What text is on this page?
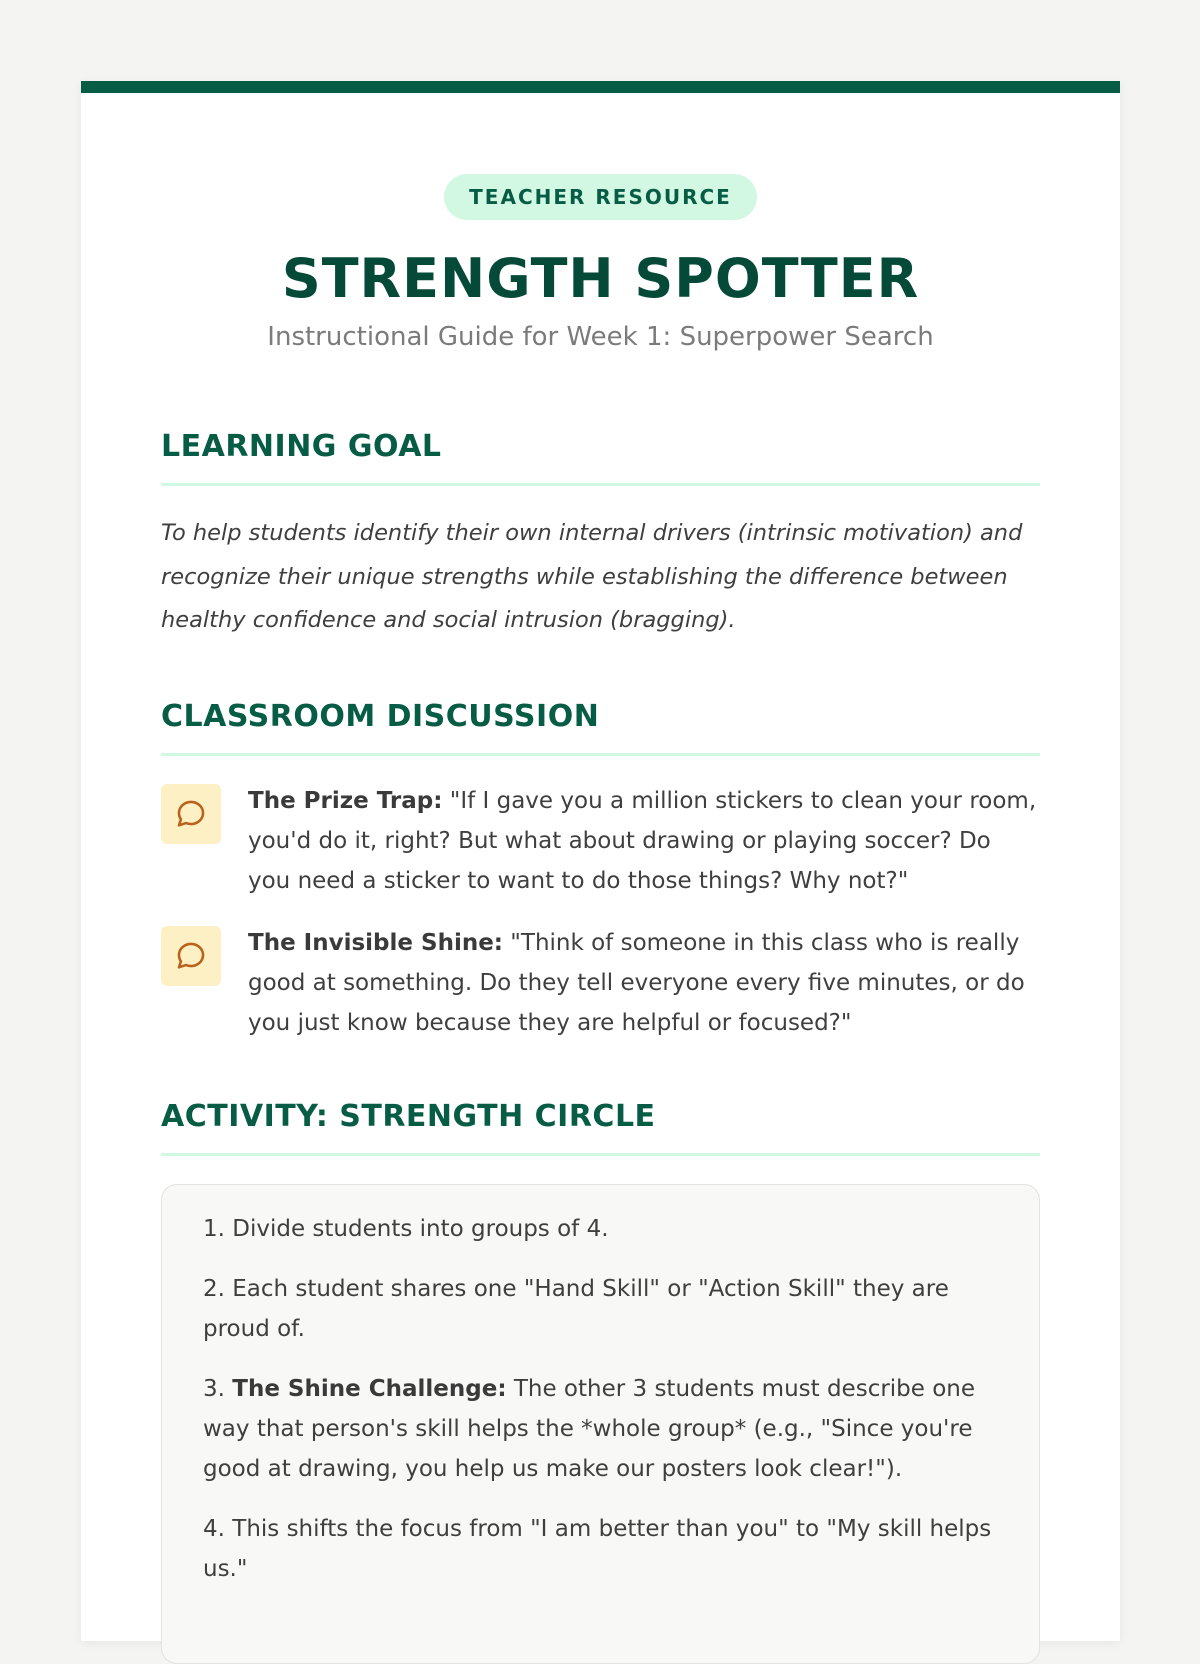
TEACHER RESOURCE
STRENGTH SPOTTER
Instructional Guide for Week 1: Superpower Search
LEARNING GOAL

To help students identify their own internal drivers (intrinsic motivation) and recognize their unique strengths while establishing the difference between healthy confidence and social intrusion (bragging).

CLASSROOM DISCUSSION
The Prize Trap: "If I gave you a million stickers to clean your room, you'd do it, right? But what about drawing or playing soccer? Do you need a sticker to want to do those things? Why not?"
The Invisible Shine: "Think of someone in this class who is really good at something. Do they tell everyone every five minutes, or do you just know because they are helpful or focused?"
ACTIVITY: STRENGTH CIRCLE

1. Divide students into groups of 4.

2. Each student shares one "Hand Skill" or "Action Skill" they are proud of.

3. The Shine Challenge: The other 3 students must describe one way that person's skill helps the *whole group* (e.g., "Since you're good at drawing, you help us make our posters look clear!").

4. This shifts the focus from "I am better than you" to "My skill helps us."
